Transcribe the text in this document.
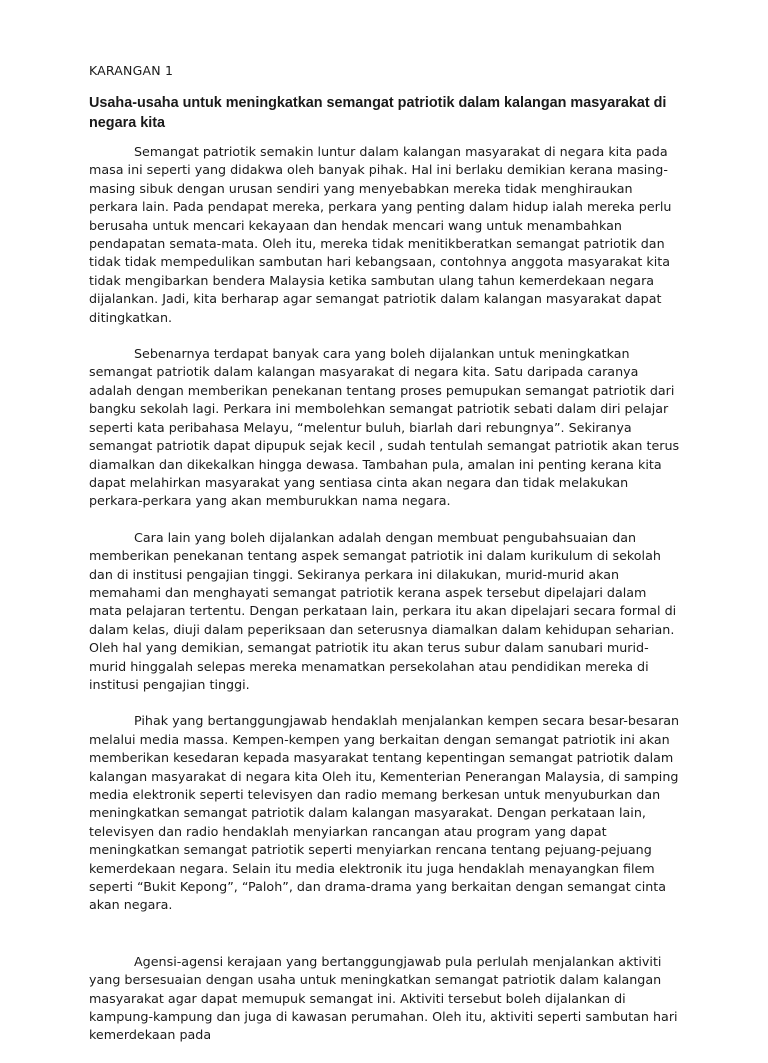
KARANGAN 1
Usaha-usaha untuk meningkatkan semangat patriotik dalam kalangan masyarakat di negara kita

Semangat patriotik semakin luntur dalam kalangan masyarakat di negara kita pada masa ini seperti yang didakwa oleh banyak pihak. Hal ini berlaku demikian kerana masing-masing sibuk dengan urusan sendiri yang menyebabkan mereka tidak menghiraukan perkara lain. Pada pendapat mereka, perkara yang penting dalam hidup ialah mereka perlu berusaha untuk mencari kekayaan dan hendak mencari wang untuk menambahkan pendapatan semata-mata. Oleh itu, mereka tidak menitikberatkan semangat patriotik dan tidak tidak mempedulikan sambutan hari kebangsaan, contohnya anggota masyarakat kita tidak mengibarkan bendera Malaysia ketika sambutan ulang tahun kemerdekaan negara dijalankan. Jadi, kita berharap agar semangat patriotik dalam kalangan masyarakat dapat ditingkatkan.

Sebenarnya terdapat banyak cara yang boleh dijalankan untuk meningkatkan semangat patriotik dalam kalangan masyarakat di negara kita. Satu daripada caranya adalah dengan memberikan penekanan tentang proses pemupukan semangat patriotik dari bangku sekolah lagi. Perkara ini membolehkan semangat patriotik sebati dalam diri pelajar seperti kata peribahasa Melayu, “melentur buluh, biarlah dari rebungnya”. Sekiranya semangat patriotik dapat dipupuk sejak kecil , sudah tentulah semangat patriotik akan terus diamalkan dan dikekalkan hingga dewasa. Tambahan pula, amalan ini penting kerana kita dapat melahirkan masyarakat yang sentiasa cinta akan negara dan tidak melakukan perkara-perkara yang akan memburukkan nama negara.

Cara lain yang boleh dijalankan adalah dengan membuat pengubahsuaian dan memberikan penekanan tentang aspek semangat patriotik ini dalam kurikulum di sekolah dan di institusi pengajian tinggi. Sekiranya perkara ini dilakukan, murid-murid akan memahami dan menghayati semangat patriotik kerana aspek tersebut dipelajari dalam mata pelajaran tertentu. Dengan perkataan lain, perkara itu akan dipelajari secara formal di dalam kelas, diuji dalam peperiksaan dan seterusnya diamalkan dalam kehidupan seharian. Oleh hal yang demikian, semangat patriotik itu akan terus subur dalam sanubari murid-murid hinggalah selepas mereka menamatkan persekolahan atau pendidikan mereka di institusi pengajian tinggi.

Pihak yang bertanggungjawab hendaklah menjalankan kempen secara besar-besaran melalui media massa. Kempen-kempen yang berkaitan dengan semangat patriotik ini akan memberikan kesedaran kepada masyarakat tentang kepentingan semangat patriotik dalam kalangan masyarakat di negara kita Oleh itu, Kementerian Penerangan Malaysia, di samping media elektronik seperti televisyen dan radio memang berkesan untuk menyuburkan dan meningkatkan semangat patriotik dalam kalangan masyarakat. Dengan perkataan lain, televisyen dan radio hendaklah menyiarkan rancangan atau program yang dapat meningkatkan semangat patriotik seperti menyiarkan rencana tentang pejuang-pejuang kemerdekaan negara. Selain itu media elektronik itu juga hendaklah menayangkan filem seperti “Bukit Kepong”, “Paloh”, dan drama-drama yang berkaitan dengan semangat cinta akan negara.

Agensi-agensi kerajaan yang bertanggungjawab pula perlulah menjalankan aktiviti yang bersesuaian dengan usaha untuk meningkatkan semangat patriotik dalam kalangan masyarakat agar dapat memupuk semangat ini. Aktiviti tersebut boleh dijalankan di kampung-kampung dan juga di kawasan perumahan. Oleh itu, aktiviti seperti sambutan hari kemerdekaan pada
